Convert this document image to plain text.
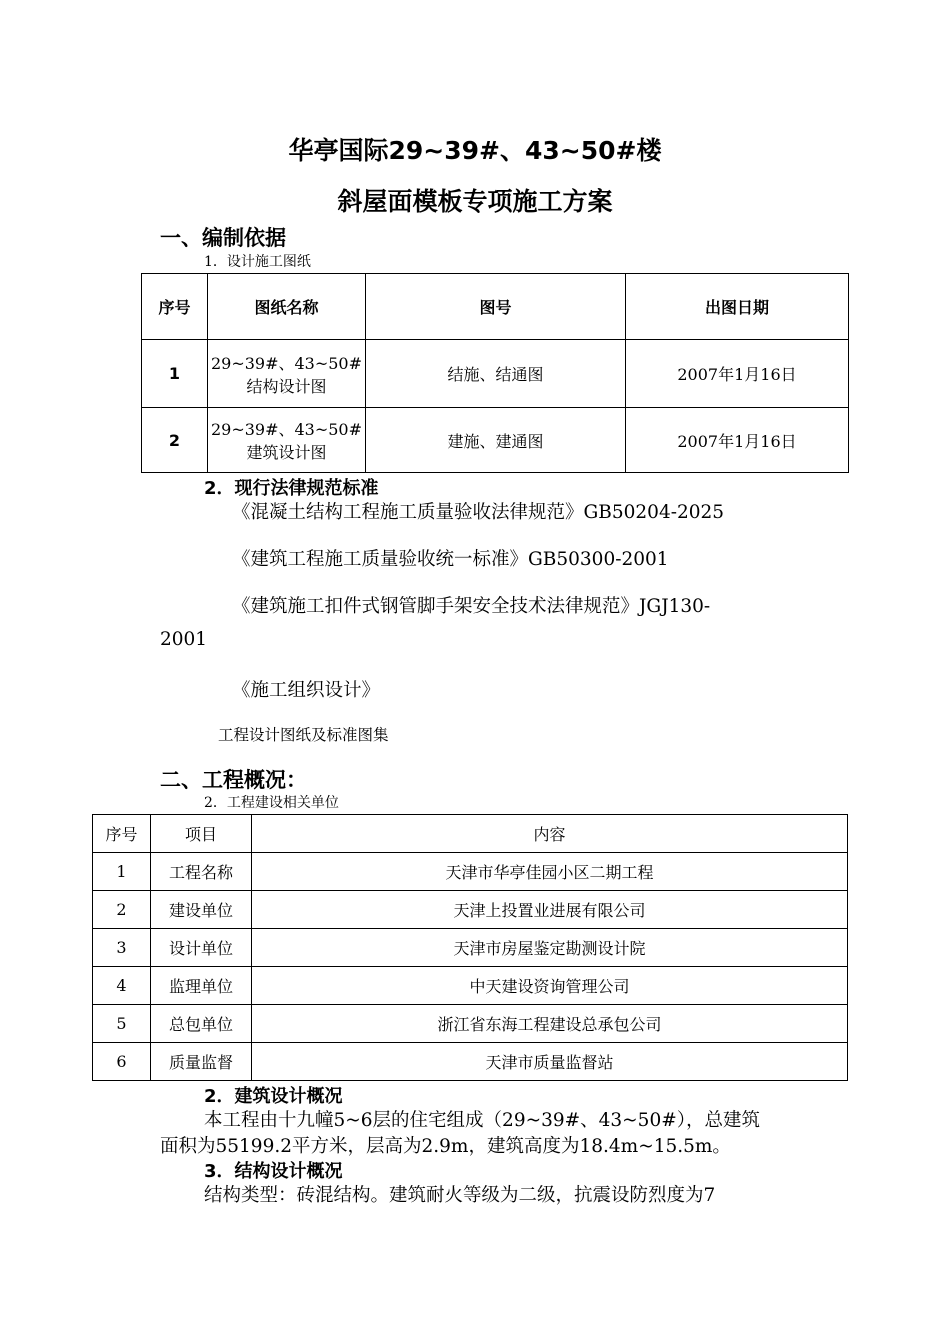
华亭国际29~39#、43~50#楼
斜屋面模板专项施工方案
一、编制依据
1．设计施工图纸
序号	图纸名称	图号	出图日期
1	29~39#、43~50#
结构设计图	结施、结通图	2007年1月16日
2	29~39#、43~50#
建筑设计图	建施、建通图	2007年1月16日
2．现行法律规范标准
《混凝土结构工程施工质量验收法律规范》GB50204-2025
《建筑工程施工质量验收统一标准》GB50300-2001
《建筑施工扣件式钢管脚手架安全技术法律规范》JGJ130-
2001
《施工组织设计》
工程设计图纸及标准图集
二、工程概况：
2．工程建设相关单位
序号	项目	内容
1	工程名称	天津市华亭佳园小区二期工程
2	建设单位	天津上投置业进展有限公司
3	设计单位	天津市房屋鉴定勘测设计院
4	监理单位	中天建设资询管理公司
5	总包单位	浙江省东海工程建设总承包公司
6	质量监督	天津市质量监督站
2．建筑设计概况
本工程由十九幢5~6层的住宅组成（29~39#、43~50#），总建筑
面积为55199.2平方米，层高为2.9m，建筑高度为18.4m~15.5m。
3．结构设计概况
结构类型：砖混结构。建筑耐火等级为二级，抗震设防烈度为7
